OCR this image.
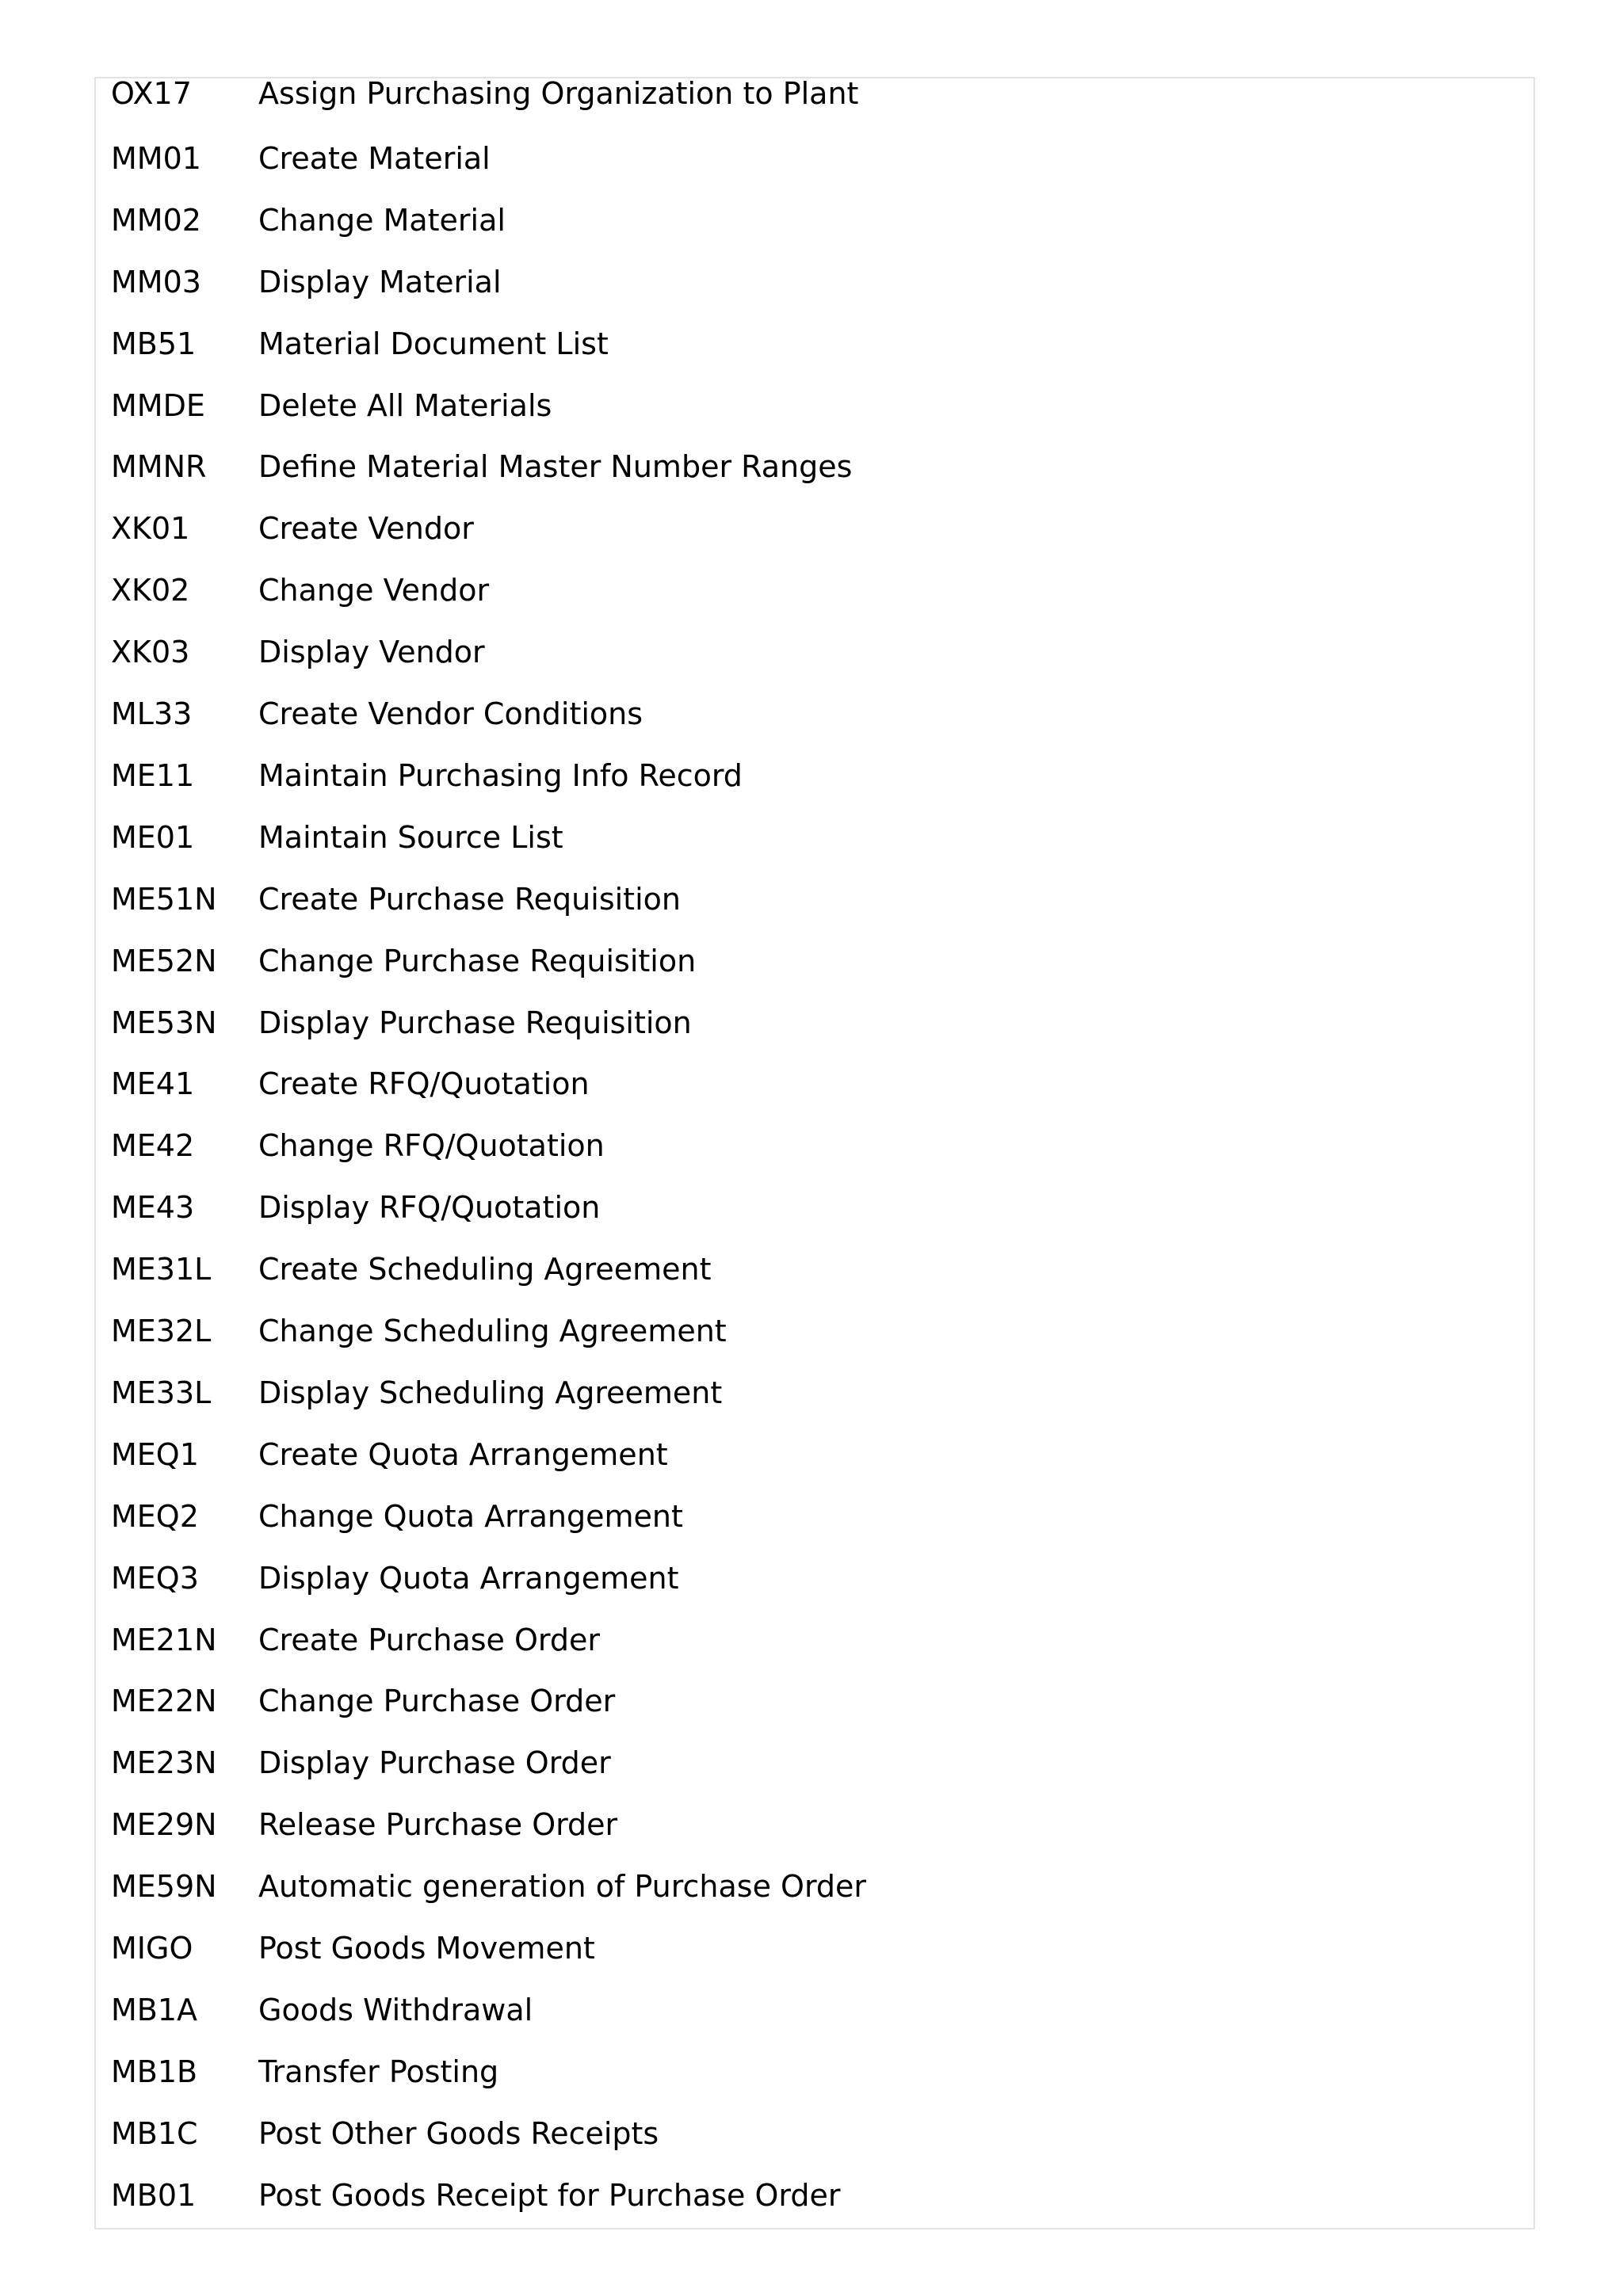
OX17 Assign Purchasing Organization to Plant
MM01 Create Material
MM02 Change Material
MM03 Display Material
MB51 Material Document List
MMDE Delete All Materials
MMNR Define Material Master Number Ranges
XK01 Create Vendor
XK02 Change Vendor
XK03 Display Vendor
ML33 Create Vendor Conditions
ME11 Maintain Purchasing Info Record
ME01 Maintain Source List
ME51N Create Purchase Requisition
ME52N Change Purchase Requisition
ME53N Display Purchase Requisition
ME41 Create RFQ/Quotation
ME42 Change RFQ/Quotation
ME43 Display RFQ/Quotation
ME31L Create Scheduling Agreement
ME32L Change Scheduling Agreement
ME33L Display Scheduling Agreement
MEQ1 Create Quota Arrangement
MEQ2 Change Quota Arrangement
MEQ3 Display Quota Arrangement
ME21N Create Purchase Order
ME22N Change Purchase Order
ME23N Display Purchase Order
ME29N Release Purchase Order
ME59N Automatic generation of Purchase Order
MIGO Post Goods Movement
MB1A Goods Withdrawal
MB1B Transfer Posting
MB1C Post Other Goods Receipts
MB01 Post Goods Receipt for Purchase Order
